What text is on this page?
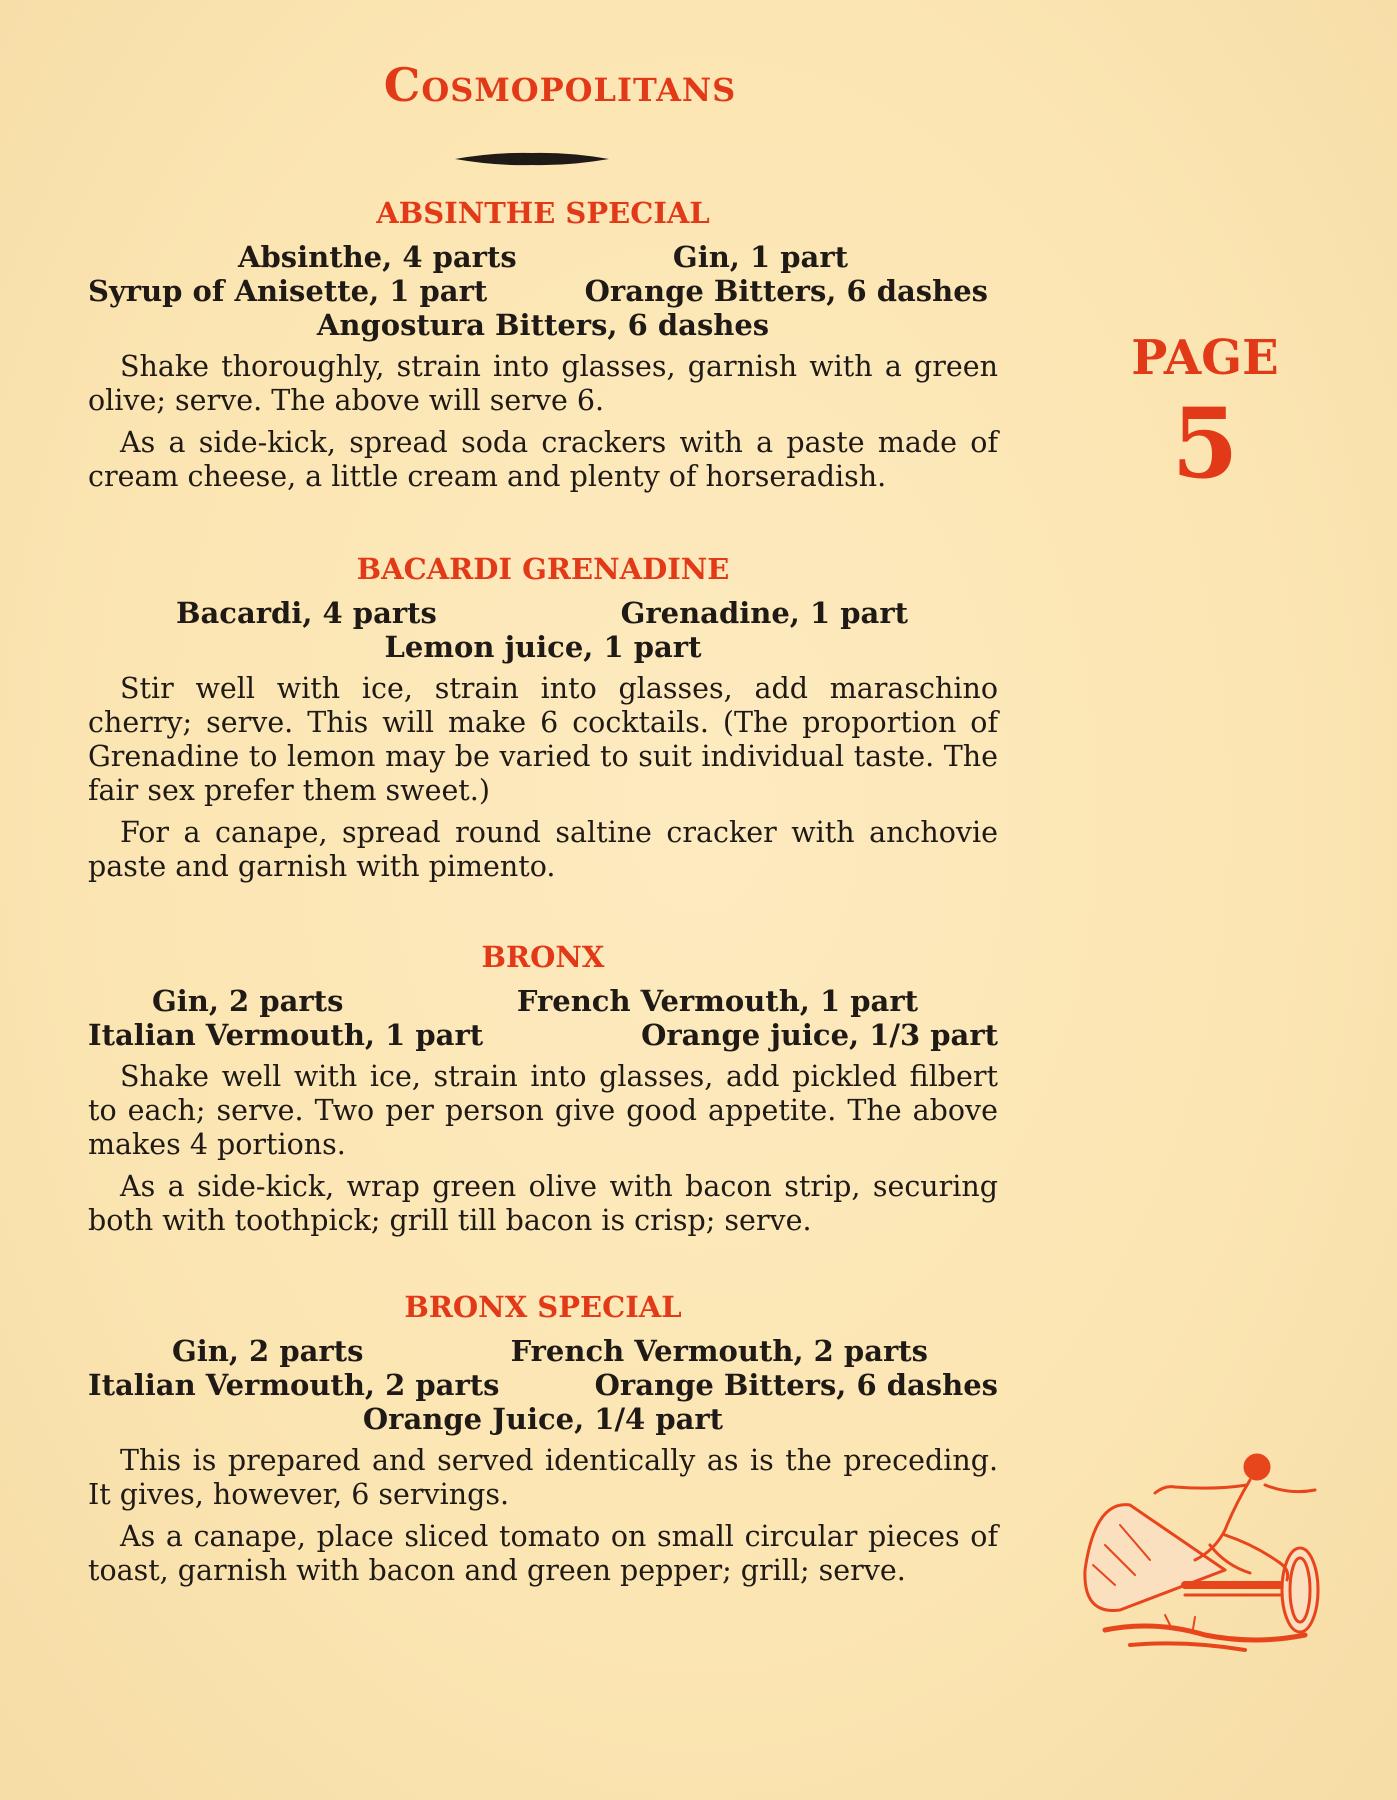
Cosmopolitans
ABSINTHE SPECIAL
Absinthe, 4 parts	Gin, 1 part
Syrup of Anisette, 1 part	Orange Bitters, 6 dashes
Angostura Bitters, 6 dashes

Shake thoroughly, strain into glasses, garnish with a green olive; serve. The above will serve 6.

As a side-kick, spread soda crackers with a paste made of cream cheese, a little cream and plenty of horseradish.

BACARDI GRENADINE
Bacardi, 4 parts	Grenadine, 1 part
Lemon juice, 1 part

Stir well with ice, strain into glasses, add maraschino cherry; serve. This will make 6 cocktails. (The proportion of Grenadine to lemon may be varied to suit individual taste. The fair sex prefer them sweet.)

For a canape, spread round saltine cracker with anchovie paste and garnish with pimento.

BRONX
Gin, 2 parts	French Vermouth, 1 part
Italian Vermouth, 1 part	Orange juice, 1/3 part

Shake well with ice, strain into glasses, add pickled filbert to each; serve. Two per person give good appetite. The above makes 4 portions.

As a side-kick, wrap green olive with bacon strip, securing both with toothpick; grill till bacon is crisp; serve.

BRONX SPECIAL
Gin, 2 parts	French Vermouth, 2 parts
Italian Vermouth, 2 parts	Orange Bitters, 6 dashes
Orange Juice, 1/4 part

This is prepared and served identically as is the preceding. It gives, however, 6 servings.

As a canape, place sliced tomato on small circular pieces of toast, garnish with bacon and green pepper; grill; serve.

PAGE
5
